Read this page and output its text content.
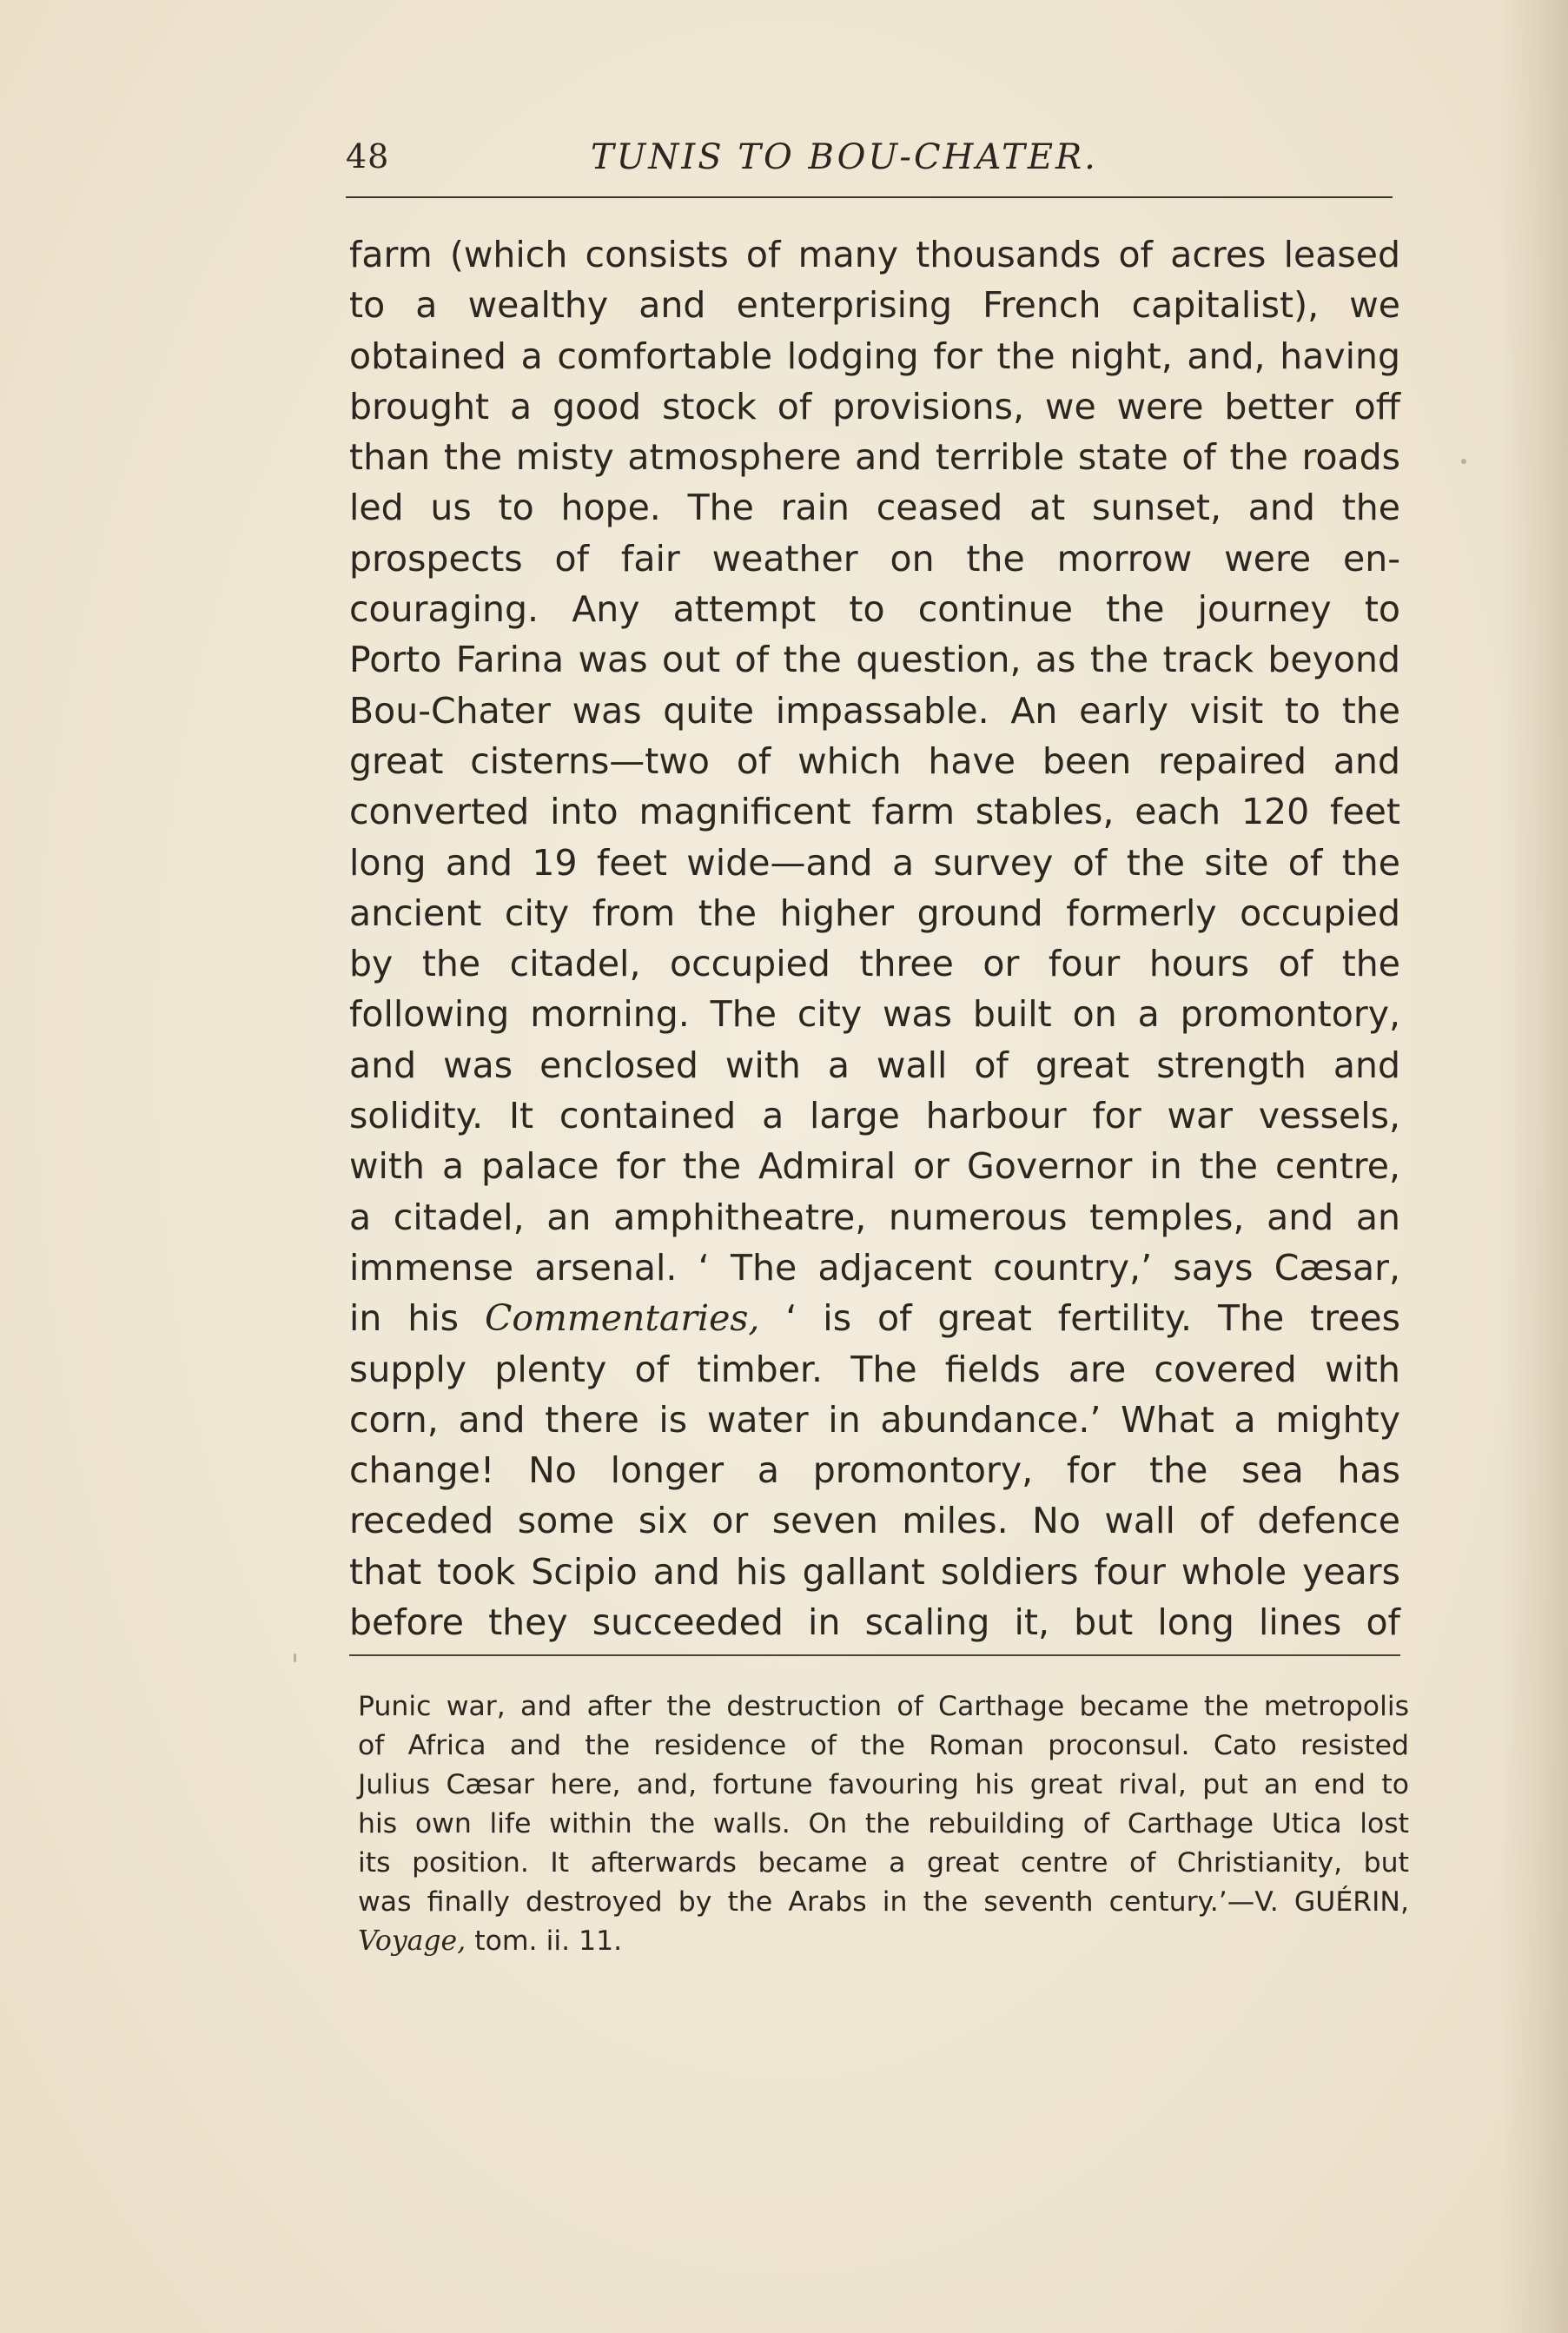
48	TUNIS TO BOU-CHATER.
farm (which consists of many thousands of acres leased
to a wealthy and enterprising French capitalist), we
obtained a comfortable lodging for the night, and, having
brought a good stock of provisions, we were better off
than the misty atmosphere and terrible state of the roads
led us to hope. The rain ceased at sunset, and the
prospects of fair weather on the morrow were en-
couraging. Any attempt to continue the journey to
Porto Farina was out of the question, as the track beyond
Bou-Chater was quite impassable. An early visit to the
great cisterns—two of which have been repaired and
converted into magnificent farm stables, each 120 feet
long and 19 feet wide—and a survey of the site of the
ancient city from the higher ground formerly occupied
by the citadel, occupied three or four hours of the
following morning. The city was built on a promontory,
and was enclosed with a wall of great strength and
solidity. It contained a large harbour for war vessels,
with a palace for the Admiral or Governor in the centre,
a citadel, an amphitheatre, numerous temples, and an
immense arsenal. ‘ The adjacent country,’ says Cæsar,
in his Commentaries, ‘ is of great fertility. The trees
supply plenty of timber. The fields are covered with
corn, and there is water in abundance.’ What a mighty
change! No longer a promontory, for the sea has
receded some six or seven miles. No wall of defence
that took Scipio and his gallant soldiers four whole years
before they succeeded in scaling it, but long lines of
Punic war, and after the destruction of Carthage became the metropolis
of Africa and the residence of the Roman proconsul. Cato resisted
Julius Cæsar here, and, fortune favouring his great rival, put an end to
his own life within the walls. On the rebuilding of Carthage Utica lost
its position. It afterwards became a great centre of Christianity, but
was finally destroyed by the Arabs in the seventh century.’—V. GUÉRIN,
Voyage, tom. ii. 11.
